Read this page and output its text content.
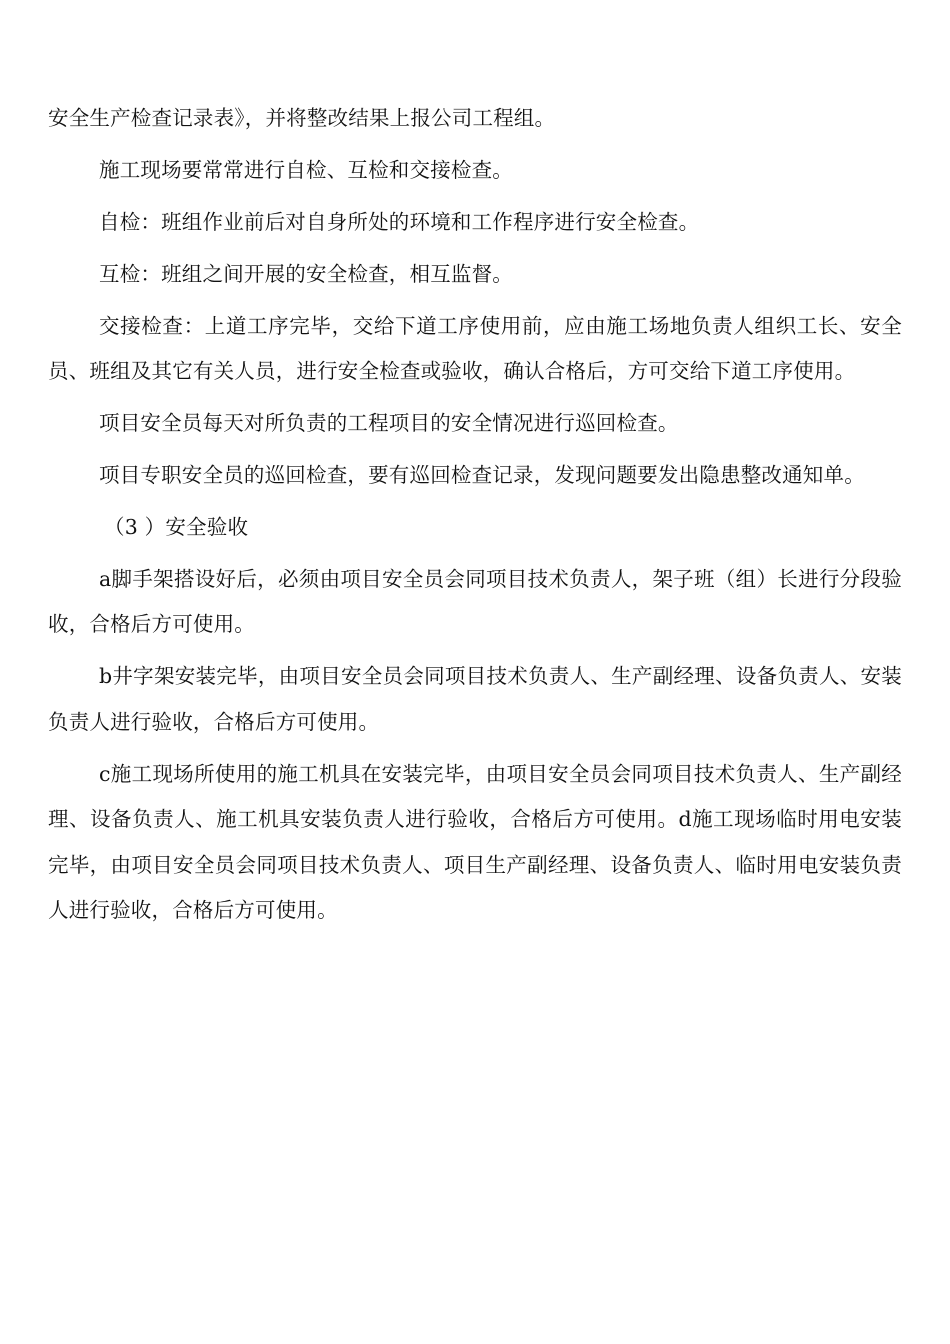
安全生产检查记录表》，并将整改结果上报公司工程组。

施工现场要常常进行自检、互检和交接检查。

自检：班组作业前后对自身所处的环境和工作程序进行安全检查。

互检：班组之间开展的安全检查，相互监督。

交接检查：上道工序完毕，交给下道工序使用前，应由施工场地负责人组织工长、安全员、班组及其它有关人员，进行安全检查或验收，确认合格后，方可交给下道工序使用。

项目安全员每天对所负责的工程项目的安全情况进行巡回检查。

项目专职安全员的巡回检查，要有巡回检查记录，发现问题要发出隐患整改通知单。

（3 ）安全验收

a脚手架搭设好后，必须由项目安全员会同项目技术负责人，架子班（组）长进行分段验收，合格后方可使用。

b井字架安装完毕，由项目安全员会同项目技术负责人、生产副经理、设备负责人、安装负责人进行验收，合格后方可使用。

c施工现场所使用的施工机具在安装完毕，由项目安全员会同项目技术负责人、生产副经理、设备负责人、施工机具安装负责人进行验收，合格后方可使用。d施工现场临时用电安装完毕，由项目安全员会同项目技术负责人、项目生产副经理、设备负责人、临时用电安装负责人进行验收，合格后方可使用。
